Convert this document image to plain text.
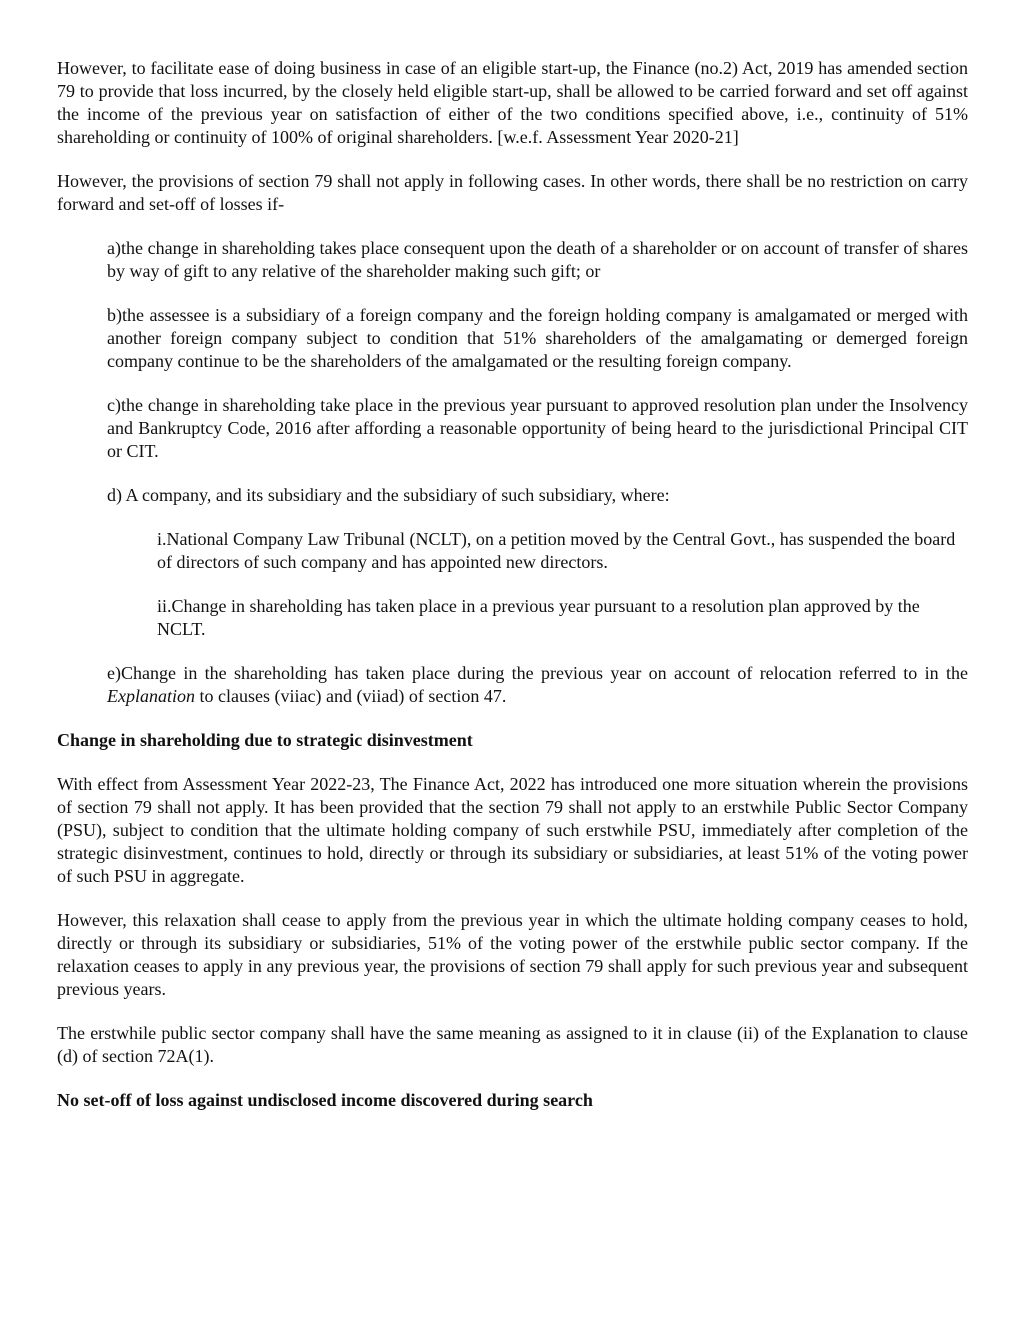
However, to facilitate ease of doing business in case of an eligible start-up, the Finance (no.2) Act, 2019 has amended section 79 to provide that loss incurred, by the closely held eligible start-up, shall be allowed to be carried forward and set off against the income of the previous year on satisfaction of either of the two conditions specified above, i.e., continuity of 51% shareholding or continuity of 100% of original shareholders. [w.e.f. Assessment Year 2020-21]

However, the provisions of section 79 shall not apply in following cases. In other words, there shall be no restriction on carry forward and set-off of losses if-

a)the change in shareholding takes place consequent upon the death of a shareholder or on account of transfer of shares by way of gift to any relative of the shareholder making such gift; or

b)the assessee is a subsidiary of a foreign company and the foreign holding company is amalgamated or merged with another foreign company subject to condition that 51% shareholders of the amalgamating or demerged foreign company continue to be the shareholders of the amalgamated or the resulting foreign company.

c)the change in shareholding take place in the previous year pursuant to approved resolution plan under the Insolvency and Bankruptcy Code, 2016 after affording a reasonable opportunity of being heard to the jurisdictional Principal CIT or CIT.

d) A company, and its subsidiary and the subsidiary of such subsidiary, where:

i.National Company Law Tribunal (NCLT), on a petition moved by the Central Govt., has suspended the board of directors of such company and has appointed new directors.

ii.Change in shareholding has taken place in a previous year pursuant to a resolution plan approved by the NCLT.

e)Change in the shareholding has taken place during the previous year on account of relocation referred to in the Explanation to clauses (viiac) and (viiad) of section 47.

Change in shareholding due to strategic disinvestment

With effect from Assessment Year 2022-23, The Finance Act, 2022 has introduced one more situation wherein the provisions of section 79 shall not apply. It has been provided that the section 79 shall not apply to an erstwhile Public Sector Company (PSU), subject to condition that the ultimate holding company of such erstwhile PSU, immediately after completion of the strategic disinvestment, continues to hold, directly or through its subsidiary or subsidiaries, at least 51% of the voting power of such PSU in aggregate.

However, this relaxation shall cease to apply from the previous year in which the ultimate holding company ceases to hold, directly or through its subsidiary or subsidiaries, 51% of the voting power of the erstwhile public sector company. If the relaxation ceases to apply in any previous year, the provisions of section 79 shall apply for such previous year and subsequent previous years.

The erstwhile public sector company shall have the same meaning as assigned to it in clause (ii) of the Explanation to clause (d) of section 72A(1).

No set-off of loss against undisclosed income discovered during search
